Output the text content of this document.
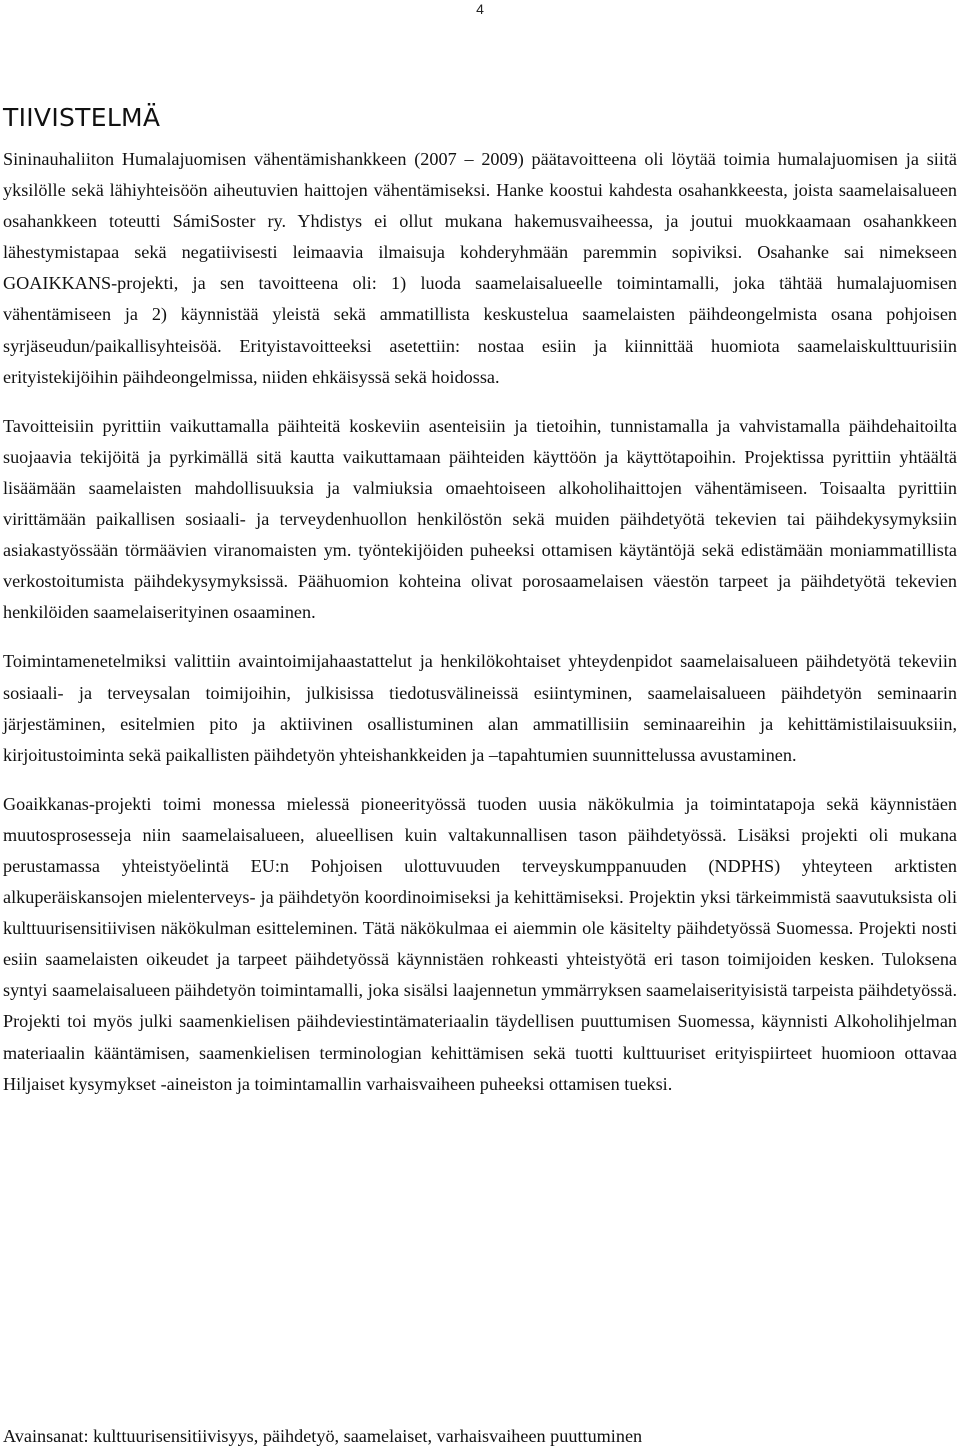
4
TIIVISTELMÄ

Sininauhaliiton Humalajuomisen vähentämishankkeen (2007 – 2009) päätavoitteena oli löytää toimia humalajuomisen ja siitä yksilölle sekä lähiyhteisöön aiheutuvien haittojen vähentämiseksi. Hanke koostui kahdesta osahankkeesta, joista saamelaisalueen osahankkeen toteutti SámiSoster ry. Yhdistys ei ollut mukana hakemusvaiheessa, ja joutui muokkaamaan osahankkeen lähestymistapaa sekä negatiivisesti leimaavia ilmaisuja kohderyhmään paremmin sopiviksi. Osahanke sai nimekseen GOAIKKANS-projekti, ja sen tavoitteena oli: 1) luoda saamelaisalueelle toimintamalli, joka tähtää humalajuomisen vähentämiseen ja 2) käynnistää yleistä sekä ammatillista keskustelua saamelaisten päihdeongelmista osana pohjoisen syrjäseudun/paikallisyhteisöä. Erityistavoitteeksi asetettiin: nostaa esiin ja kiinnittää huomiota saamelaiskulttuurisiin erityistekijöihin päihdeongelmissa, niiden ehkäisyssä sekä hoidossa.

Tavoitteisiin pyrittiin vaikuttamalla päihteitä koskeviin asenteisiin ja tietoihin, tunnistamalla ja vahvistamalla päihdehaitoilta suojaavia tekijöitä ja pyrkimällä sitä kautta vaikuttamaan päihteiden käyttöön ja käyttötapoihin. Projektissa pyrittiin yhtäältä lisäämään saamelaisten mahdollisuuksia ja valmiuksia omaehtoiseen alkoholihaittojen vähentämiseen. Toisaalta pyrittiin virittämään paikallisen sosiaali- ja terveydenhuollon henkilöstön sekä muiden päihdetyötä tekevien tai päihdekysymyksiin asiakastyössään törmäävien viranomaisten ym. työntekijöiden puheeksi ottamisen käytäntöjä sekä edistämään moniammatillista verkostoitumista päihdekysymyksissä. Päähuomion kohteina olivat porosaamelaisen väestön tarpeet ja päihdetyötä tekevien henkilöiden saamelaiserityinen osaaminen.

Toimintamenetelmiksi valittiin avaintoimijahaastattelut ja henkilökohtaiset yhteydenpidot saamelaisalueen päihdetyötä tekeviin sosiaali- ja terveysalan toimijoihin, julkisissa tiedotusvälineissä esiintyminen, saamelaisalueen päihdetyön seminaarin järjestäminen, esitelmien pito ja aktiivinen osallistuminen alan ammatillisiin seminaareihin ja kehittämistilaisuuksiin, kirjoitustoiminta sekä paikallisten päihdetyön yhteishankkeiden ja –tapahtumien suunnittelussa avustaminen.

Goaikkanas-projekti toimi monessa mielessä pioneerityössä tuoden uusia näkökulmia ja toimintatapoja sekä käynnistäen muutosprosesseja niin saamelaisalueen, alueellisen kuin valtakunnallisen tason päihdetyössä. Lisäksi projekti oli mukana perustamassa yhteistyöelintä EU:n Pohjoisen ulottuvuuden terveyskumppanuuden (NDPHS) yhteyteen arktisten alkuperäiskansojen mielenterveys- ja päihdetyön koordinoimiseksi ja kehittämiseksi. Projektin yksi tärkeimmistä saavutuksista oli kulttuurisensitiivisen näkökulman esitteleminen. Tätä näkökulmaa ei aiemmin ole käsitelty päihdetyössä Suomessa. Projekti nosti esiin saamelaisten oikeudet ja tarpeet päihdetyössä käynnistäen rohkeasti yhteistyötä eri tason toimijoiden kesken. Tuloksena syntyi saamelaisalueen päihdetyön toimintamalli, joka sisälsi laajennetun ymmärryksen saamelaiserityisistä tarpeista päihdetyössä. Projekti toi myös julki saamenkielisen päihdeviestintämateriaalin täydellisen puuttumisen Suomessa, käynnisti Alkoholihjelman materiaalin kääntämisen, saamenkielisen terminologian kehittämisen sekä tuotti kulttuuriset erityispiirteet huomioon ottavaa Hiljaiset kysymykset -aineiston ja toimintamallin varhaisvaiheen puheeksi ottamisen tueksi.

Avainsanat: kulttuurisensitiivisyys, päihdetyö, saamelaiset, varhaisvaiheen puuttuminen
